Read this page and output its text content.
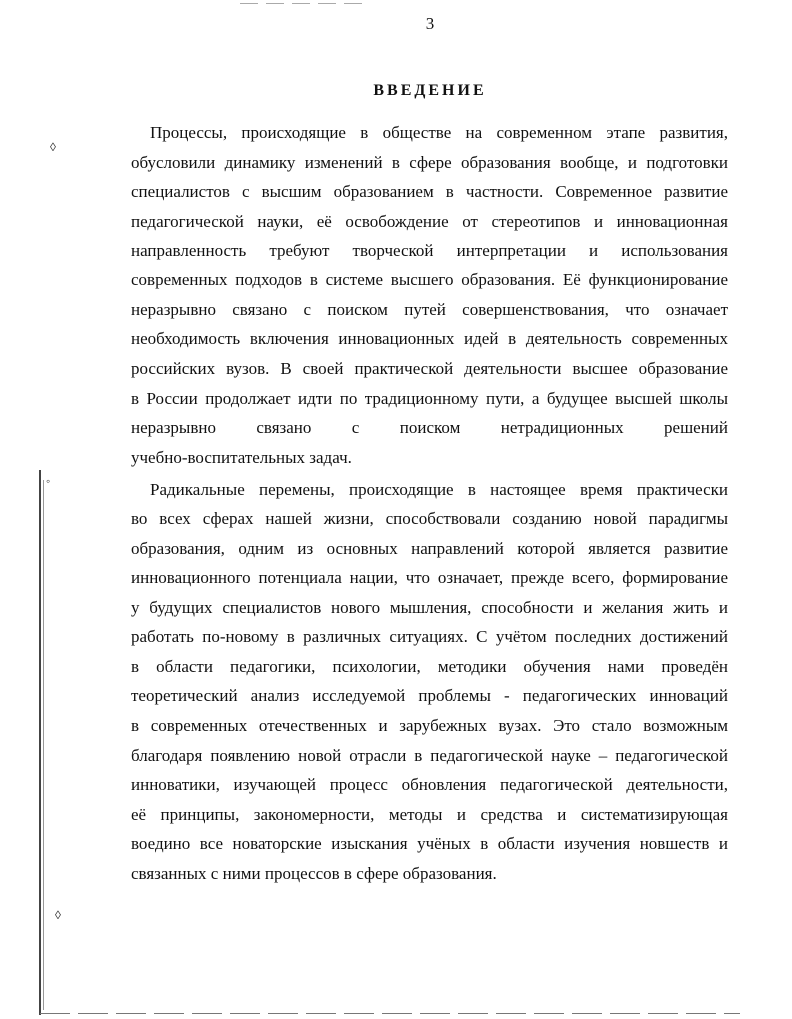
3
ВВЕДЕНИЕ
Процессы, происходящие в обществе на современном этапе развития,
обусловили динамику изменений в сфере образования вообще, и подготовки
специалистов с высшим образованием в частности. Современное развитие
педагогической науки, её освобождение от стереотипов и инновационная
направленность требуют творческой интерпретации и использования
современных подходов в системе высшего образования. Её функционирование
неразрывно связано с поиском путей совершенствования, что означает
необходимость включения инновационных идей в деятельность современных
российских вузов. В своей практической деятельности высшее образование
в России продолжает идти по традиционному пути, а будущее высшей школы
неразрывно связано с поиском нетрадиционных решений
учебно-воспитательных задач.
Радикальные перемены, происходящие в настоящее время практически
во всех сферах нашей жизни, способствовали созданию новой парадигмы
образования, одним из основных направлений которой является развитие
инновационного потенциала нации, что означает, прежде всего, формирование
у будущих специалистов нового мышления, способности и желания жить и
работать по-новому в различных ситуациях. С учётом последних достижений
в области педагогики, психологии, методики обучения нами проведён
теоретический анализ исследуемой проблемы - педагогических инноваций
в современных отечественных и зарубежных вузах. Это стало возможным
благодаря появлению новой отрасли в педагогической науке – педагогической
инноватики, изучающей процесс обновления педагогической деятельности,
её принципы, закономерности, методы и средства и систематизирующая
воедино все новаторские изыскания учёных в области изучения новшеств и
связанных с ними процессов в сфере образования.
◊
◦
◊
